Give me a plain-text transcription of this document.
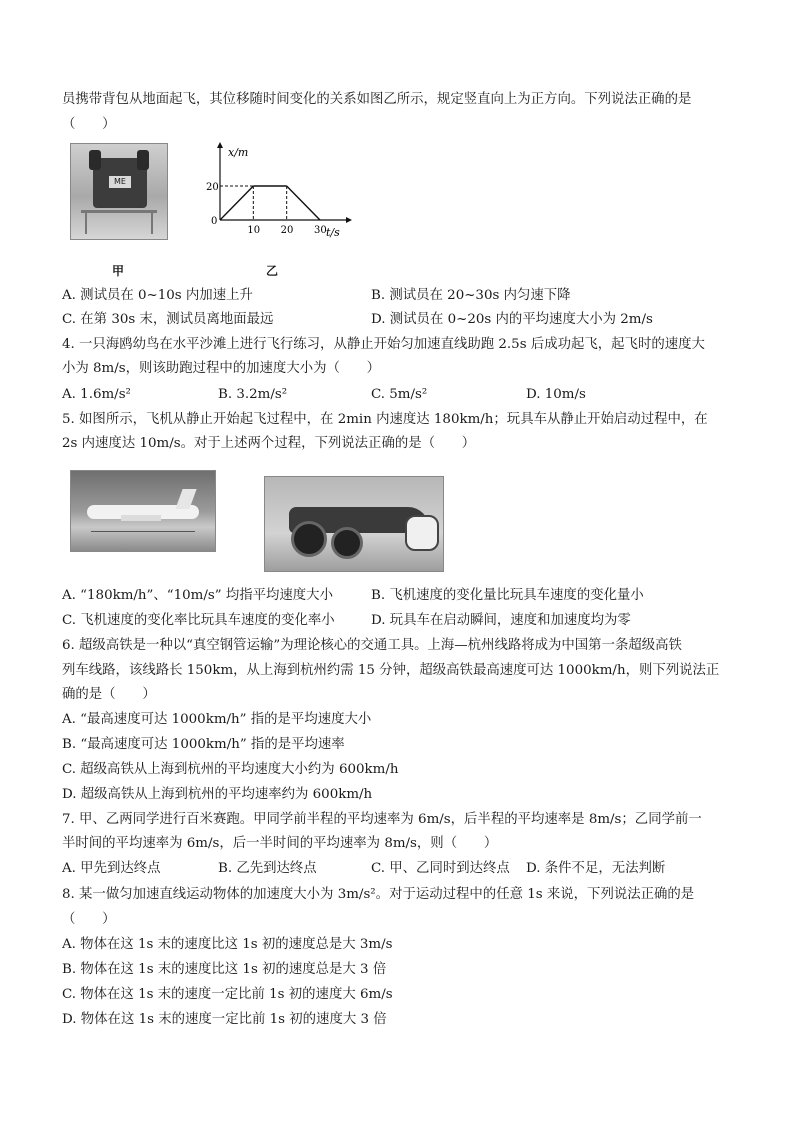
员携带背包从地面起飞，其位移随时间变化的关系如图乙所示，规定竖直向上为正方向。下列说法正确的是
（　　）
ME
甲
x/m
t/s
10 20 30
20
0
乙
A. 测试员在 0~10s 内加速上升	B. 测试员在 20~30s 内匀速下降
C. 在第 30s 末，测试员离地面最远	D. 测试员在 0~20s 内的平均速度大小为 2m/s
4. 一只海鸥幼鸟在水平沙滩上进行飞行练习，从静止开始匀加速直线助跑 2.5s 后成功起飞，起飞时的速度大
小为 8m/s，则该助跑过程中的加速度大小为（　　）
A. 1.6m/s²	B. 3.2m/s²	C. 5m/s²	D. 10m/s
5. 如图所示，飞机从静止开始起飞过程中，在 2min 内速度达 180km/h；玩具车从静止开始启动过程中，在
2s 内速度达 10m/s。对于上述两个过程，下列说法正确的是（　　）
A. “180km/h”、“10m/s” 均指平均速度大小	B. 飞机速度的变化量比玩具车速度的变化量小
C. 飞机速度的变化率比玩具车速度的变化率小	D. 玩具车在启动瞬间，速度和加速度均为零
6. 超级高铁是一种以“真空钢管运输”为理论核心的交通工具。上海—杭州线路将成为中国第一条超级高铁
列车线路，该线路长 150km，从上海到杭州约需 15 分钟，超级高铁最高速度可达 1000km/h，则下列说法正
确的是（　　）
A. “最高速度可达 1000km/h” 指的是平均速度大小
B. “最高速度可达 1000km/h” 指的是平均速率
C. 超级高铁从上海到杭州的平均速度大小约为 600km/h
D. 超级高铁从上海到杭州的平均速率约为 600km/h
7. 甲、乙两同学进行百米赛跑。甲同学前半程的平均速率为 6m/s，后半程的平均速率是 8m/s；乙同学前一
半时间的平均速率为 6m/s，后一半时间的平均速率为 8m/s，则（　　）
A. 甲先到达终点	B. 乙先到达终点	C. 甲、乙同时到达终点 D. 条件不足，无法判断
8. 某一做匀加速直线运动物体的加速度大小为 3m/s²。对于运动过程中的任意 1s 来说，下列说法正确的是
（　　）
A. 物体在这 1s 末的速度比这 1s 初的速度总是大 3m/s
B. 物体在这 1s 末的速度比这 1s 初的速度总是大 3 倍
C. 物体在这 1s 末的速度一定比前 1s 初的速度大 6m/s
D. 物体在这 1s 末的速度一定比前 1s 初的速度大 3 倍
